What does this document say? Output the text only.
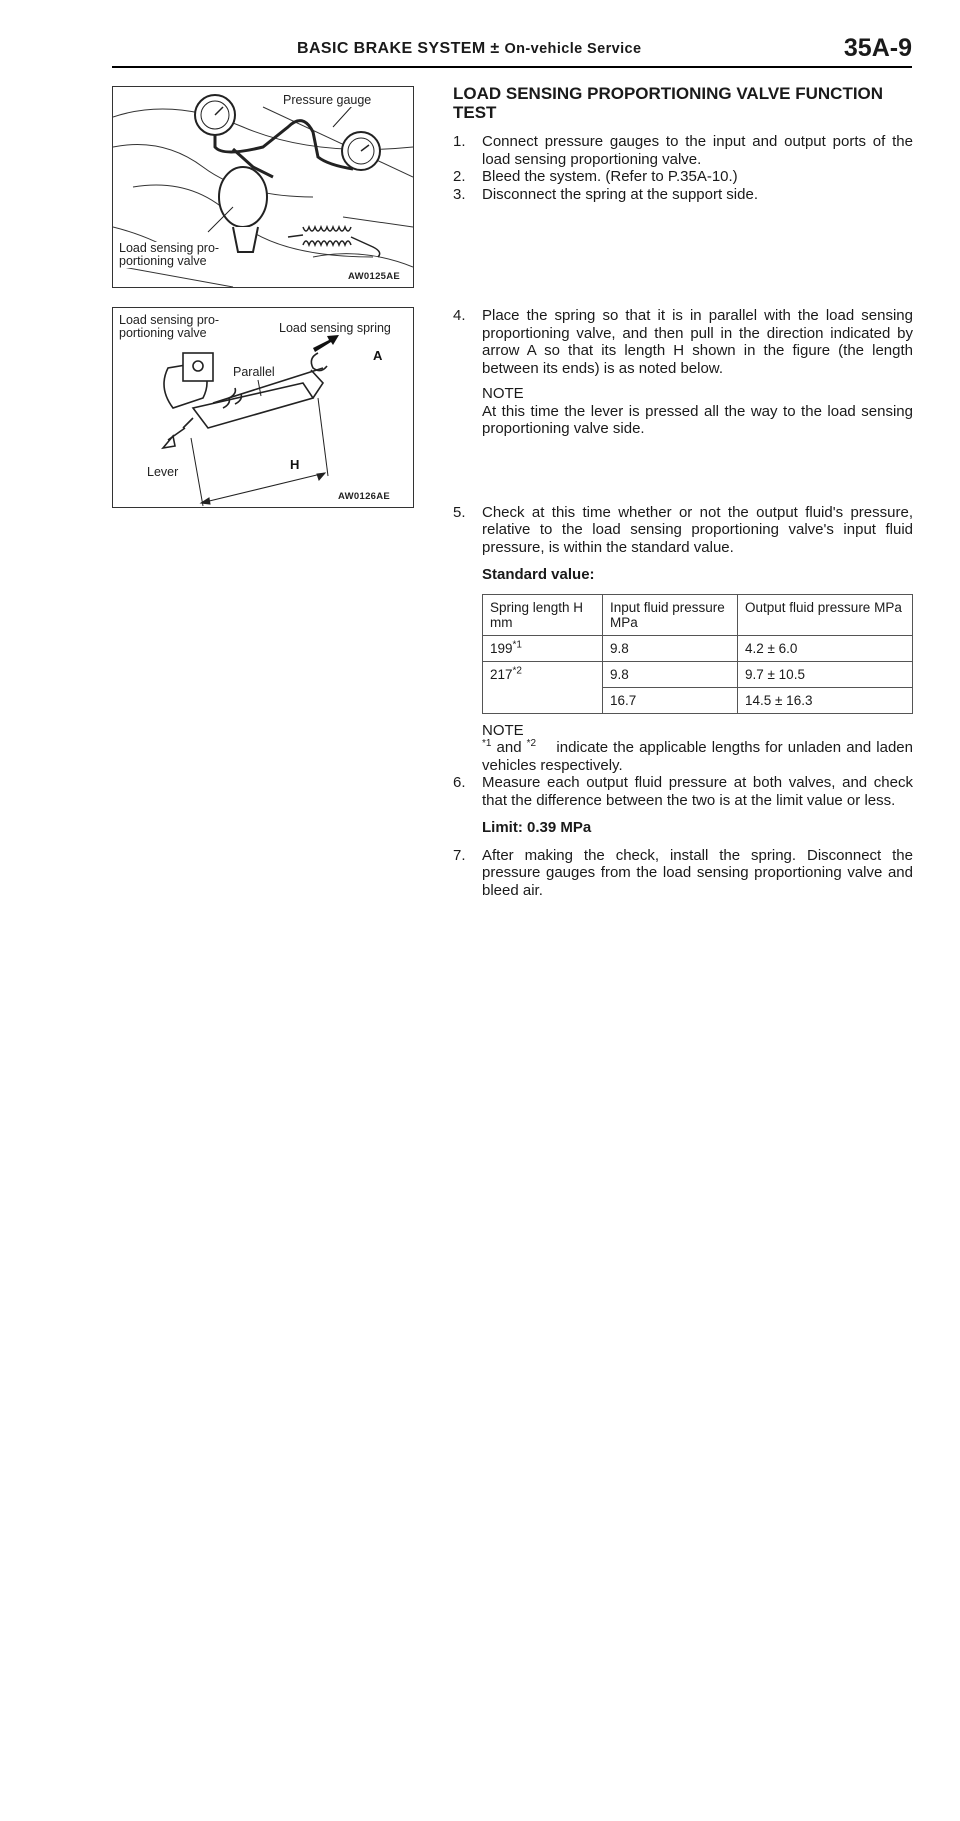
BASIC BRAKE SYSTEM ± On-vehicle Service	35A-9
Pressure gauge
Load sensing pro-
portioning valve
AW0125AE
Load sensing pro-
portioning valve	Load sensing spring
Parallel
Lever
A
H
AW0126AE
LOAD SENSING PROPORTIONING VALVE FUNCTION TEST
1. Connect pressure gauges to the input and output ports of the load sensing proportioning valve.
2. Bleed the system. (Refer to P.35A-10.)
3. Disconnect the spring at the support side.
4. Place the spring so that it is in parallel with the load sensing proportioning valve, and then pull in the direction indicated by arrow A so that its length H shown in the figure (the length between its ends) is as noted below.
NOTE
At this time the lever is pressed all the way to the load sensing proportioning valve side.
5. Check at this time whether or not the output fluid's pressure, relative to the load sensing proportioning valve's input fluid pressure, is within the standard value.
Standard value:
Spring length H mm	Input fluid pressure MPa	Output fluid pressure MPa
199$^{*1}$	9.8	4.2 ± 6.0
217$^{*2}$	9.8	9.7 ± 10.5
	16.7	14.5 ± 16.3
NOTE
$^{*1}$ and $^{*2}$ indicate the applicable lengths for unladen and laden vehicles respectively.
6. Measure each output fluid pressure at both valves, and check that the difference between the two is at the limit value or less.
Limit: 0.39 MPa
7. After making the check, install the spring. Disconnect the pressure gauges from the load sensing proportioning valve and bleed air.
